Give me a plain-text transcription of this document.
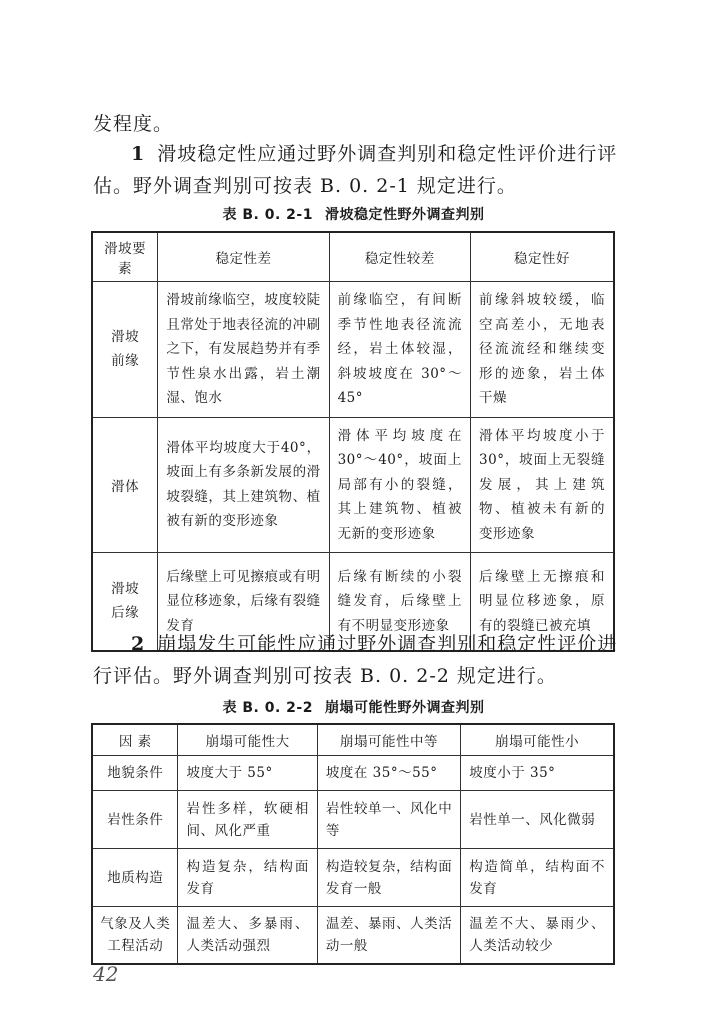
发程度。

1 滑坡稳定性应通过野外调查判别和稳定性评价进行评估。野外调查判别可按表 B. 0. 2-1 规定进行。

表 B. 0. 2-1 滑坡稳定性野外调查判别
滑坡要素	稳定性差	稳定性较差	稳定性好

滑坡前缘	滑坡前缘临空，坡度较陡且常处于地表径流的冲刷之下，有发展趋势并有季节性泉水出露，岩土潮湿、饱水	前缘临空，有间断季节性地表径流流经，岩土体较湿，斜坡坡度在 30°～45°	前缘斜坡较缓，临空高差小，无地表径流流经和继续变形的迹象，岩土体干燥
滑体	滑体平均坡度大于40°，坡面上有多条新发展的滑坡裂缝，其上建筑物、植被有新的变形迹象	滑体平均坡度在 30°～40°，坡面上局部有小的裂缝，其上建筑物、植被无新的变形迹象	滑体平均坡度小于 30°，坡面上无裂缝发展，其上建筑物、植被未有新的变形迹象

滑坡后缘	后缘壁上可见擦痕或有明显位移迹象，后缘有裂缝发育	后缘有断续的小裂缝发育，后缘壁上有不明显变形迹象	后缘壁上无擦痕和明显位移迹象，原有的裂缝已被充填

2 崩塌发生可能性应通过野外调查判别和稳定性评价进行评估。野外调查判别可按表 B. 0. 2-2 规定进行。

表 B. 0. 2-2 崩塌可能性野外调查判别
因 素	崩塌可能性大	崩塌可能性中等	崩塌可能性小
地貌条件	坡度大于 55°	坡度在 35°～55°	坡度小于 35°
岩性条件	岩性多样，软硬相间、风化严重	岩性较单一、风化中等	岩性单一、风化微弱
地质构造	构造复杂，结构面发育	构造较复杂，结构面发育一般	构造简单，结构面不发育

气象及人类工程活动	温差大、多暴雨、人类活动强烈	温差、暴雨、人类活动一般	温差不大、暴雨少、人类活动较少
42
